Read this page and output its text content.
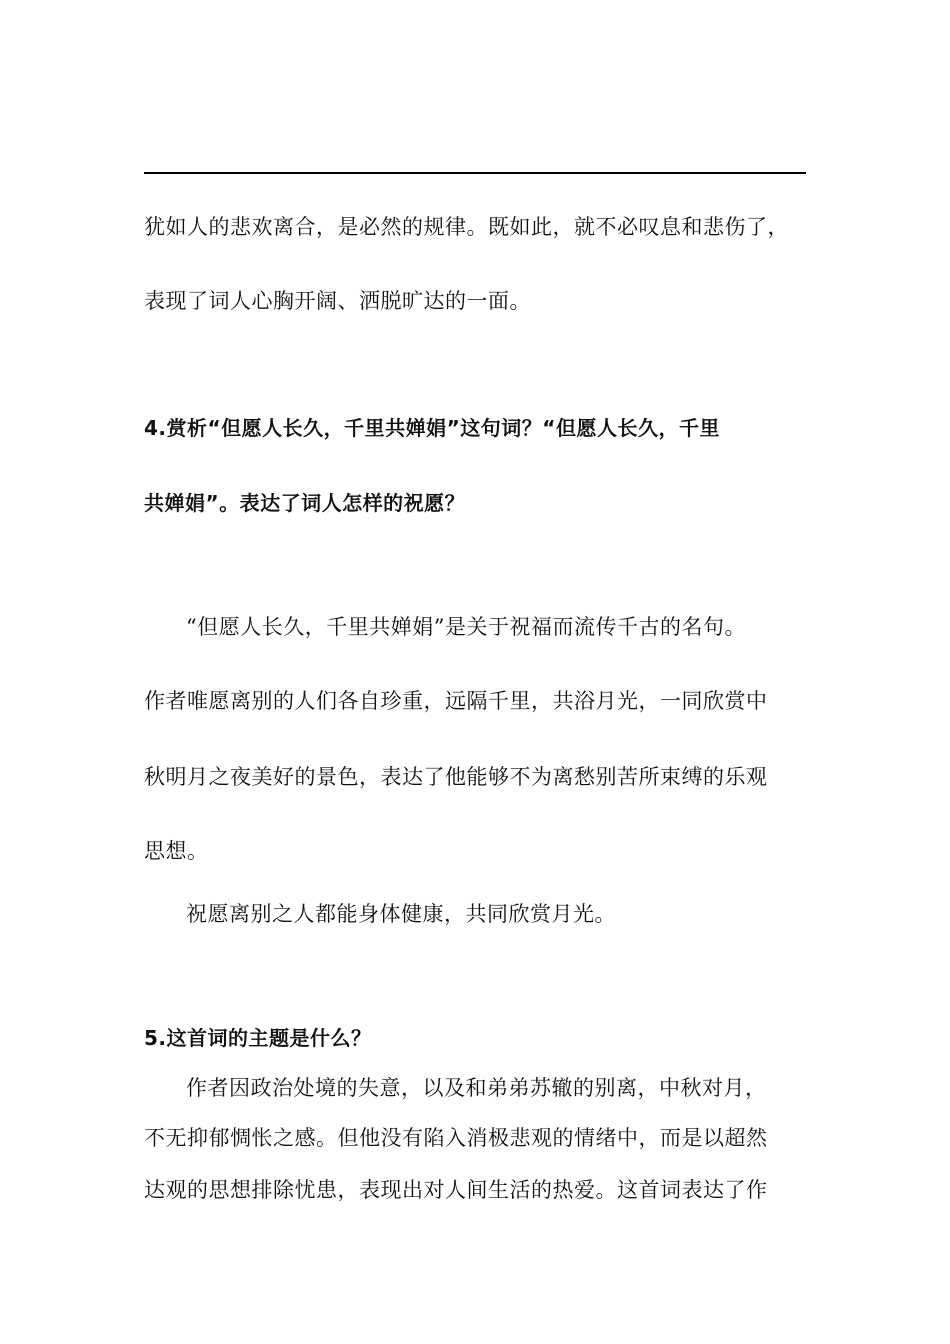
犹如人的悲欢离合，是必然的规律。既如此，就不必叹息和悲伤了，
表现了词人心胸开阔、洒脱旷达的一面。
4.赏析“但愿人长久，千里共婵娟”这句词？“但愿人长久，千里
共婵娟”。表达了词人怎样的祝愿？
“但愿人长久，千里共婵娟”是关于祝福而流传千古的名句。
作者唯愿离别的人们各自珍重，远隔千里，共浴月光，一同欣赏中
秋明月之夜美好的景色，表达了他能够不为离愁别苦所束缚的乐观
思想。
祝愿离别之人都能身体健康，共同欣赏月光。
5.这首词的主题是什么？
作者因政治处境的失意，以及和弟弟苏辙的别离，中秋对月，
不无抑郁惆怅之感。但他没有陷入消极悲观的情绪中，而是以超然
达观的思想排除忧患，表现出对人间生活的热爱。这首词表达了作
